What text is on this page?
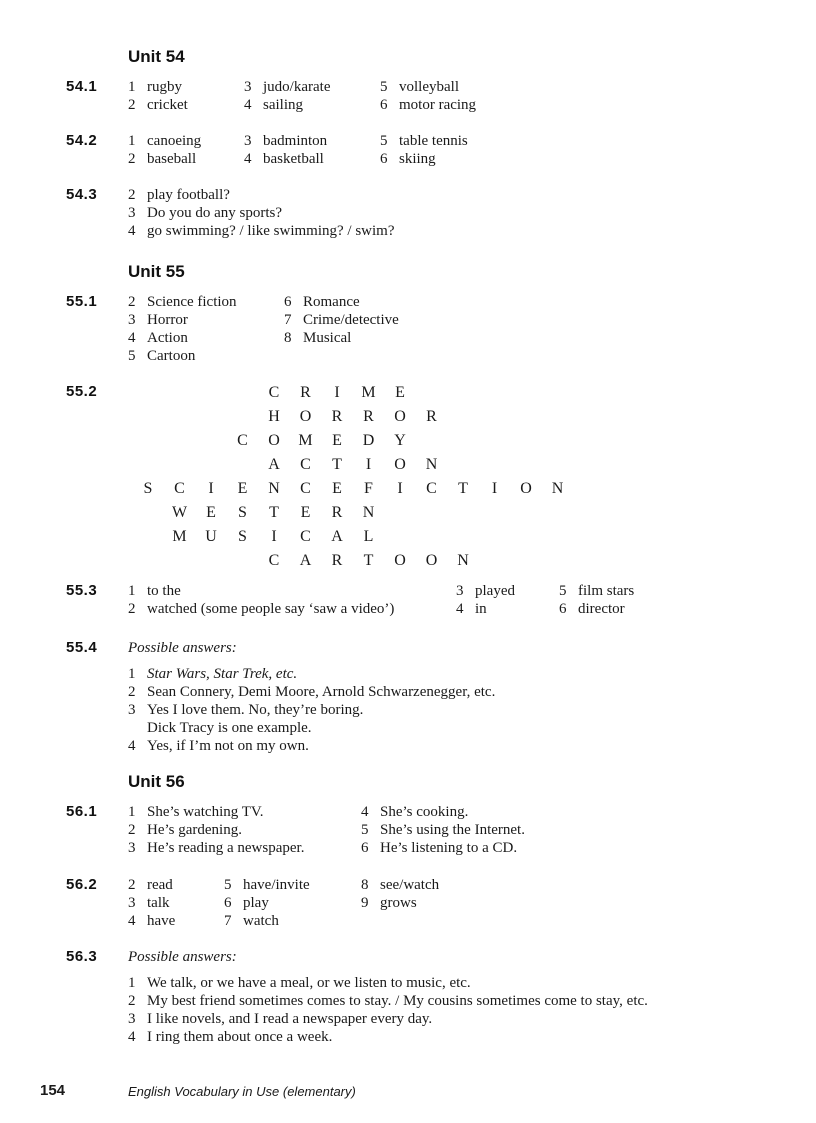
Unit 54
54.1 1 rugby
2 cricket
3 judo/karate
4 sailing
5 volleyball
6 motor racing
54.2 1 canoeing
2 baseball
3 badminton
4 basketball
5 table tennis
6 skiing
54.3 2 play football?
3 Do you do any sports?
4 go swimming? / like swimming? / swim?
Unit 55
55.1 2 Science fiction
3 Horror
4 Action
5 Cartoon
6 Romance
7 Crime/detective
8 Musical
55.2	C R	I	M	E
H O R R O R
C O M	E	D Y
A C	T	I	O N
S	C	I	E	N C	E	F	I	C	T	I	O N
W	E	S	T	E	R N
M U	S	I	C A	L
C A R	T	O O N
55.3 1 to the
2 watched (some people say ‘saw a video’)
3 played
4 in
5 film stars
6 director
55.4 Possible answers:
1 Star Wars, Star Trek, etc.
2 Sean Connery, Demi Moore, Arnold Schwarzenegger, etc.
3 Yes I love them. No, they’re boring.
Dick Tracy is one example.
4 Yes, if I’m not on my own.
Unit 56
56.1 1 She’s watching TV.
2 He’s gardening.
3 He’s reading a newspaper.
4 She’s cooking.
5 She’s using the Internet.
6 He’s listening to a CD.
56.2 2 read
3 talk
4 have
5 have/invite
6 play
7 watch
8 see/watch
9 grows
56.3 Possible answers:
1 We talk, or we have a meal, or we listen to music, etc.
2 My best friend sometimes comes to stay. / My cousins sometimes come to stay, etc.
3 I like novels, and I read a newspaper every day.
4 I ring them about once a week.
154	English Vocabulary in Use (elementary)
